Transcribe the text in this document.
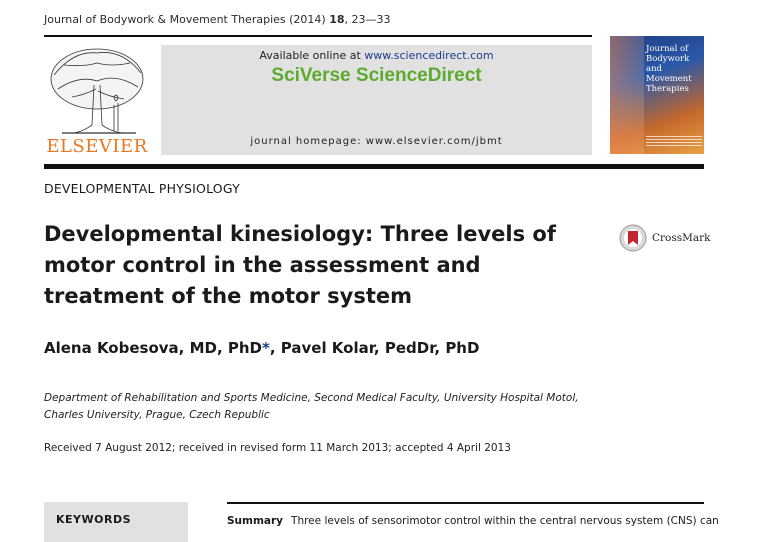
Journal of Bodywork & Movement Therapies (2014) 18, 23—33
ELSEVIER
Available online at www.sciencedirect.com
SciVerse ScienceDirect
journal homepage: www.elsevier.com/jbmt
Journal of Bodywork and Movement Therapies
DEVELOPMENTAL PHYSIOLOGY
Developmental kinesiology: Three levels of
motor control in the assessment and
treatment of the motor system
CrossMark
Alena Kobesova, MD, PhD*, Pavel Kolar, PedDr, PhD
Department of Rehabilitation and Sports Medicine, Second Medical Faculty, University Hospital Motol,
Charles University, Prague, Czech Republic
Received 7 August 2012; received in revised form 11 March 2013; accepted 4 April 2013
KEYWORDS	Summary Three levels of sensorimotor control within the central nervous system (CNS) can
